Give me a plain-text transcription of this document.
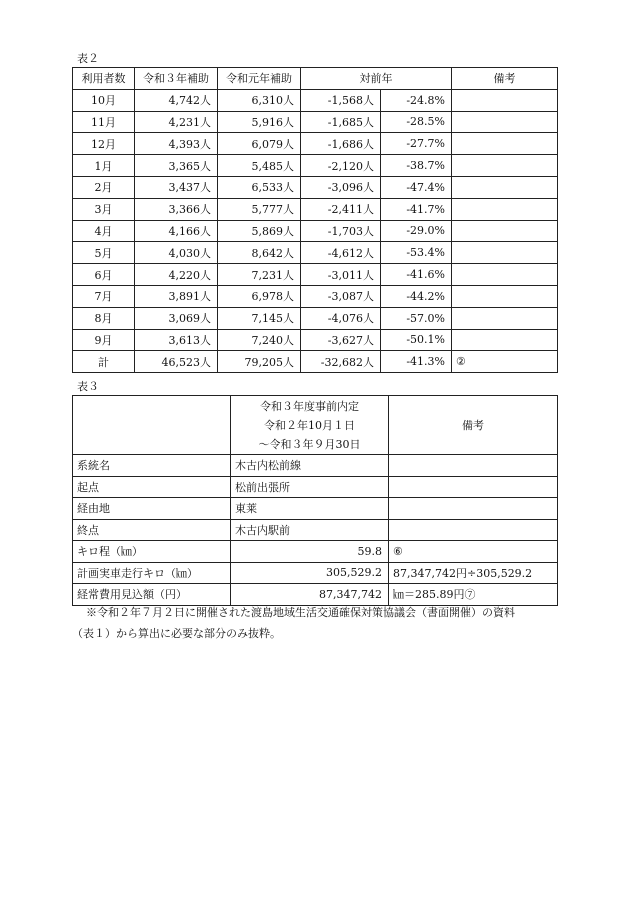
表２
利用者数	令和３年補助	令和元年補助	対前年		備考
10月	4,742人	6,310人	-1,568人	-24.8%	
11月	4,231人	5,916人	-1,685人	-28.5%	
12月	4,393人	6,079人	-1,686人	-27.7%	
1月	3,365人	5,485人	-2,120人	-38.7%	
2月	3,437人	6,533人	-3,096人	-47.4%	
3月	3,366人	5,777人	-2,411人	-41.7%	
4月	4,166人	5,869人	-1,703人	-29.0%	
5月	4,030人	8,642人	-4,612人	-53.4%	
6月	4,220人	7,231人	-3,011人	-41.6%	
7月	3,891人	6,978人	-3,087人	-44.2%	
8月	3,069人	7,145人	-4,076人	-57.0%	
9月	3,613人	7,240人	-3,627人	-50.1%	
計	46,523人	79,205人	-32,682人	-41.3%	②
表３

	令和３年度事前内定
令和２年10月１日
～令和３年９月30日	備考
系統名	木古内松前線	
起点	松前出張所	
経由地	東莱	
終点	木古内駅前	
キロ程（㎞）	59.8	⑥
計画実車走行キロ（㎞）	305,529.2	87,347,742円÷305,529.2
経常費用見込額（円）	87,347,742	㎞＝285.89円⑦
※令和２年７月２日に開催された渡島地域生活交通確保対策協議会（書面開催）の資料
（表１）から算出に必要な部分のみ抜粋。
